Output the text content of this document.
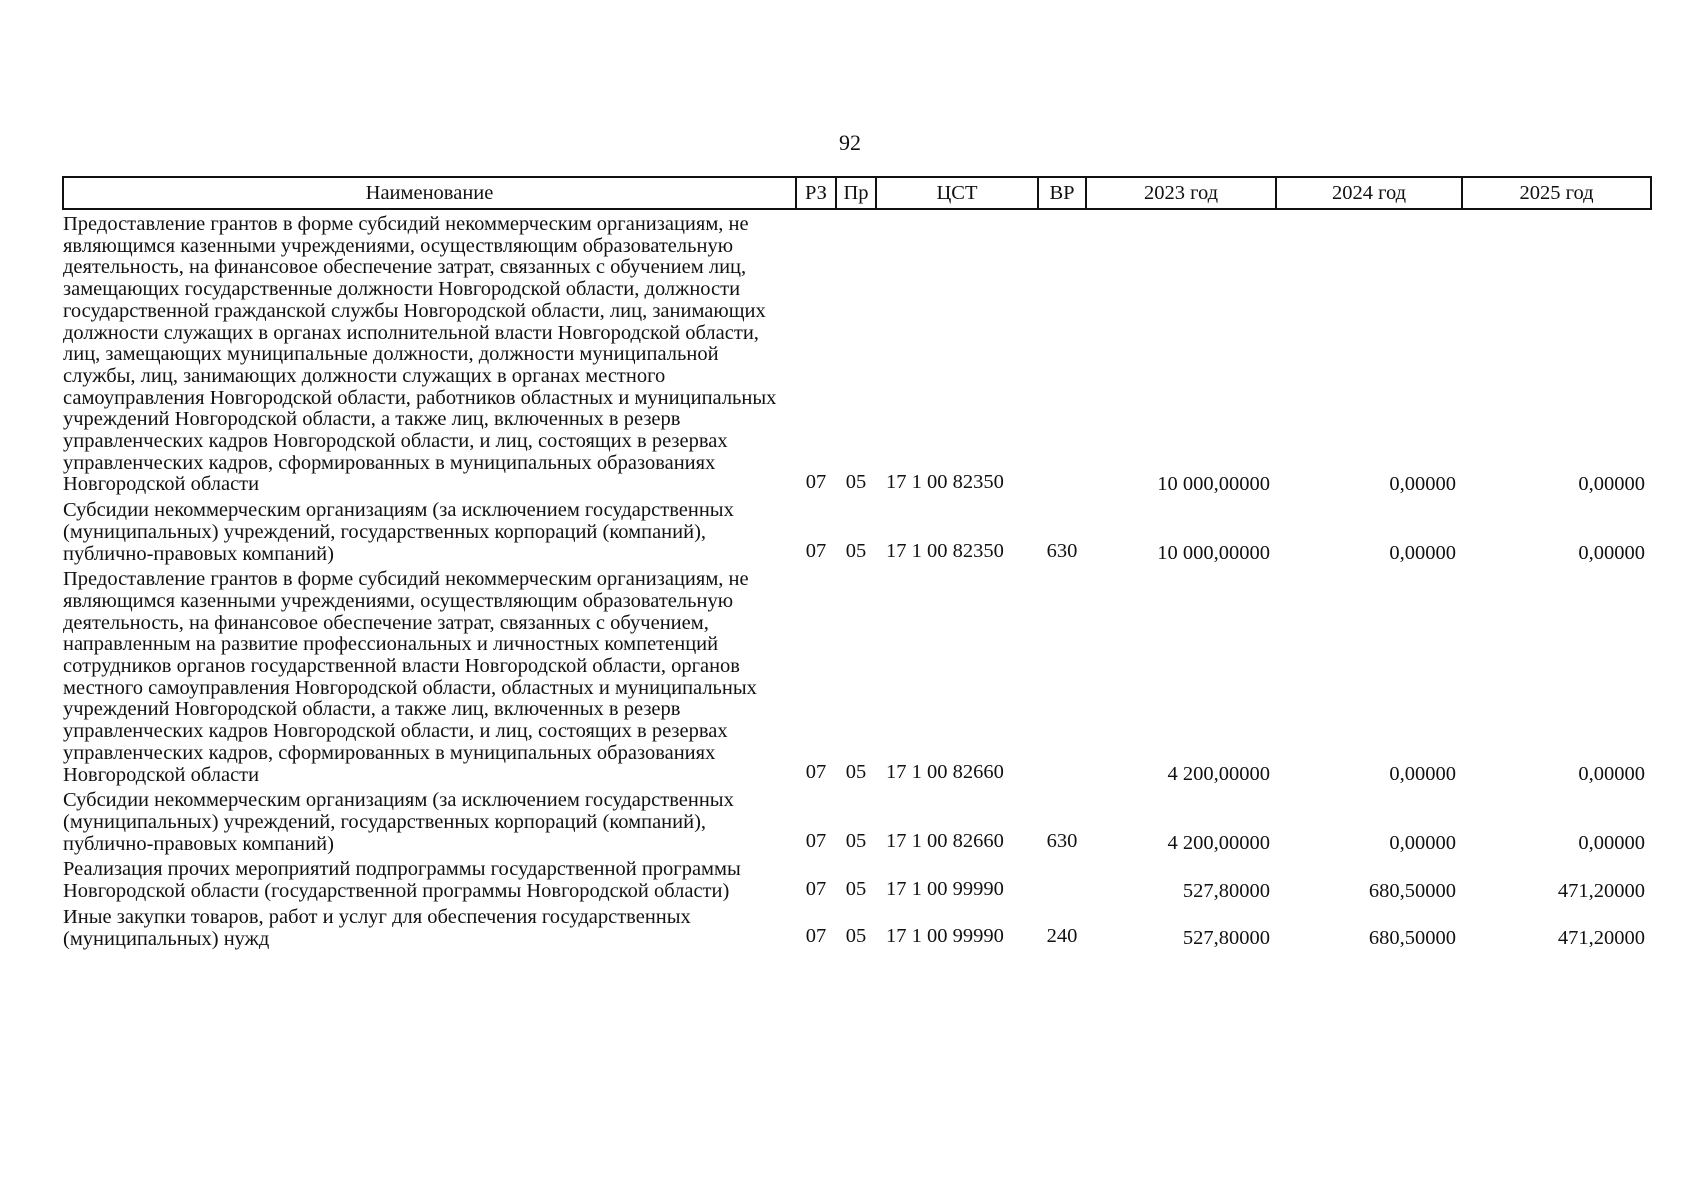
92
Наименование	РЗ	Пр	ЦСТ	ВР	2023 год	2024 год	2025 год
Предоставление грантов в форме субсидий некоммерческим организациям, не являющимся казенными учреждениями, осуществляющим образовательную деятельность, на финансовое обеспечение затрат, связанных с обучением лиц, замещающих государственные должности Новгородской области, должности государственной гражданской службы Новгородской области, лиц, занимающих должности служащих в органах исполнительной власти Новгородской области, лиц, замещающих муниципальные должности, должности муниципальной службы, лиц, занимающих должности служащих в органах местного самоуправления Новгородской области, работников областных и муниципальных учреждений Новгородской области, а также лиц, включенных в резерв управленческих кадров Новгородской области, и лиц, состоящих в резервах управленческих кадров, сформированных в муниципальных образованиях Новгородской области	07	05	17 1 00 82350		10 000,00000	0,00000	0,00000
Субсидии некоммерческим организациям (за исключением государственных (муниципальных) учреждений, государственных корпораций (компаний), публично-правовых компаний)	07	05	17 1 00 82350	630	10 000,00000	0,00000	0,00000
Предоставление грантов в форме субсидий некоммерческим организациям, не являющимся казенными учреждениями, осуществляющим образовательную деятельность, на финансовое обеспечение затрат, связанных с обучением, направленным на развитие профессиональных и личностных компетенций сотрудников органов государственной власти Новгородской области, органов местного самоуправления Новгородской области, областных и муниципальных учреждений Новгородской области, а также лиц, включенных в резерв управленческих кадров Новгородской области, и лиц, состоящих в резервах управленческих кадров, сформированных в муниципальных образованиях Новгородской области	07	05	17 1 00 82660		4 200,00000	0,00000	0,00000
Субсидии некоммерческим организациям (за исключением государственных (муниципальных) учреждений, государственных корпораций (компаний), публично-правовых компаний)	07	05	17 1 00 82660	630	4 200,00000	0,00000	0,00000
Реализация прочих мероприятий подпрограммы государственной программы Новгородской области (государственной программы Новгородской области)	07	05	17 1 00 99990		527,80000	680,50000	471,20000
Иные закупки товаров, работ и услуг для обеспечения государственных (муниципальных) нужд	07	05	17 1 00 99990	240	527,80000	680,50000	471,20000
